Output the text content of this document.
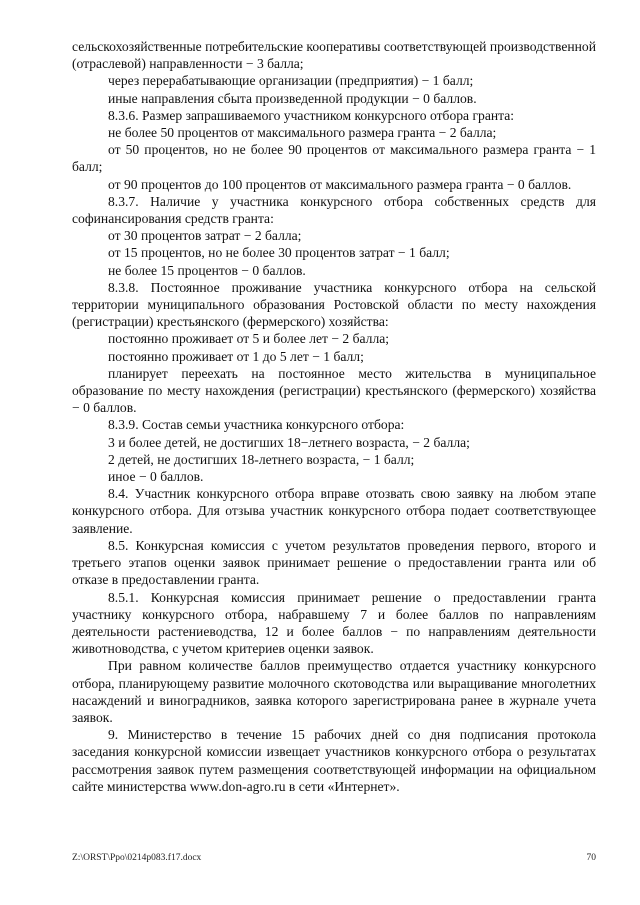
сельскохозяйственные потребительские кооперативы соответствующей производственной (отраслевой) направленности − 3 балла;

через перерабатывающие организации (предприятия) − 1 балл;

иные направления сбыта произведенной продукции − 0 баллов.

8.3.6. Размер запрашиваемого участником конкурсного отбора гранта:

не более 50 процентов от максимального размера гранта − 2 балла;

от 50 процентов, но не более 90 процентов от максимального размера гранта − 1 балл;

от 90 процентов до 100 процентов от максимального размера гранта − 0 баллов.

8.3.7. Наличие у участника конкурсного отбора собственных средств для софинансирования средств гранта:

от 30 процентов затрат − 2 балла;

от 15 процентов, но не более 30 процентов затрат − 1 балл;

не более 15 процентов − 0 баллов.

8.3.8. Постоянное проживание участника конкурсного отбора на сельской территории муниципального образования Ростовской области по месту нахождения (регистрации) крестьянского (фермерского) хозяйства:

постоянно проживает от 5 и более лет − 2 балла;

постоянно проживает от 1 до 5 лет − 1 балл;

планирует переехать на постоянное место жительства в муниципальное образование по месту нахождения (регистрации) крестьянского (фермерского) хозяйства − 0 баллов.

8.3.9. Состав семьи участника конкурсного отбора:

3 и более детей, не достигших 18−летнего возраста, − 2 балла;

2 детей, не достигших 18-летнего возраста, − 1 балл;

иное − 0 баллов.

8.4. Участник конкурсного отбора вправе отозвать свою заявку на любом этапе конкурсного отбора. Для отзыва участник конкурсного отбора подает соответствующее заявление.

8.5. Конкурсная комиссия с учетом результатов проведения первого, второго и третьего этапов оценки заявок принимает решение о предоставлении гранта или об отказе в предоставлении гранта.

8.5.1. Конкурсная комиссия принимает решение о предоставлении гранта участнику конкурсного отбора, набравшему 7 и более баллов по направлениям деятельности растениеводства, 12 и более баллов − по направлениям деятельности животноводства, с учетом критериев оценки заявок.

При равном количестве баллов преимущество отдается участнику конкурсного отбора, планирующему развитие молочного скотоводства или выращивание многолетних насаждений и виноградников, заявка которого зарегистрирована ранее в журнале учета заявок.

9. Министерство в течение 15 рабочих дней со дня подписания протокола заседания конкурсной комиссии извещает участников конкурсного отбора о результатах рассмотрения заявок путем размещения соответствующей информации на официальном сайте министерства www.don-agro.ru в сети «Интернет».

Z:\ORST\Ppo\0214p083.f17.docx	70
